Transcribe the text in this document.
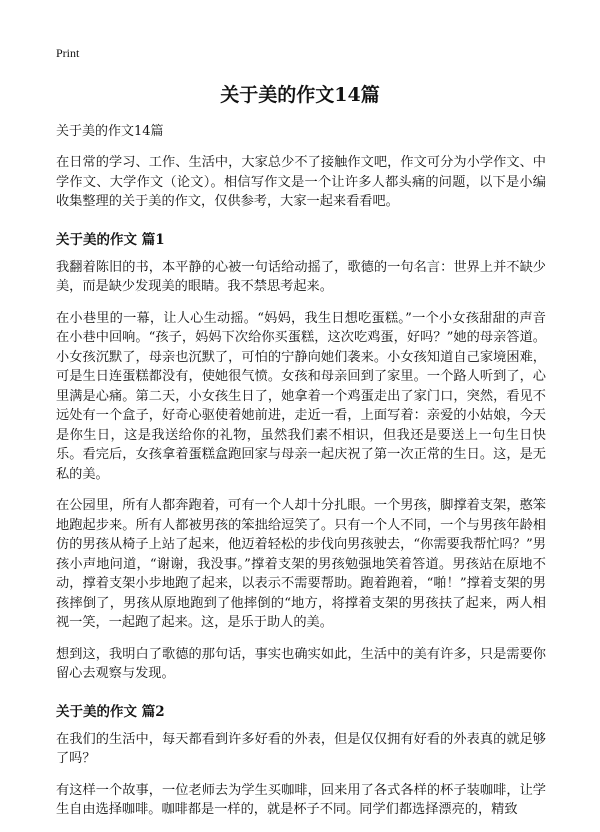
Print
关于美的作文14篇
关于美的作文14篇

在日常的学习、工作、生活中，大家总少不了接触作文吧，作文可分为小学作文、中学作文、大学作文（论文）。相信写作文是一个让许多人都头痛的问题，以下是小编收集整理的关于美的作文，仅供参考，大家一起来看看吧。

关于美的作文 篇1

我翻着陈旧的书，本平静的心被一句话给动摇了，歌德的一句名言：世界上并不缺少美，而是缺少发现美的眼睛。我不禁思考起来。

在小巷里的一幕，让人心生动摇。“妈妈，我生日想吃蛋糕。”一个小女孩甜甜的声音在小巷中回响。“孩子，妈妈下次给你买蛋糕，这次吃鸡蛋，好吗？”她的母亲答道。小女孩沉默了，母亲也沉默了，可怕的宁静向她们袭来。小女孩知道自己家境困难，可是生日连蛋糕都没有，使她很气愤。女孩和母亲回到了家里。一个路人听到了，心里满是心痛。第二天，小女孩生日了，她拿着一个鸡蛋走出了家门口，突然，看见不远处有一个盒子，好奇心驱使着她前进，走近一看，上面写着：亲爱的小姑娘，今天是你生日，这是我送给你的礼物，虽然我们素不相识，但我还是要送上一句生日快乐。看完后，女孩拿着蛋糕盒跑回家与母亲一起庆祝了第一次正常的生日。这，是无私的美。

在公园里，所有人都奔跑着，可有一个人却十分扎眼。一个男孩，脚撑着支架，憨笨地跑起步来。所有人都被男孩的笨拙给逗笑了。只有一个人不同，一个与男孩年龄相仿的男孩从椅子上站了起来，他迈着轻松的步伐向男孩驶去，“你需要我帮忙吗？”男孩小声地问道，“谢谢，我没事。”撑着支架的男孩勉强地笑着答道。男孩站在原地不动，撑着支架小步地跑了起来，以表示不需要帮助。跑着跑着，“啪！”撑着支架的男孩摔倒了，男孩从原地跑到了他摔倒的“地方，将撑着支架的男孩扶了起来，两人相视一笑，一起跑了起来。这，是乐于助人的美。

想到这，我明白了歌德的那句话，事实也确实如此，生活中的美有许多，只是需要你留心去观察与发现。

关于美的作文 篇2

在我们的生活中，每天都看到许多好看的外表，但是仅仅拥有好看的外表真的就足够了吗？

有这样一个故事，一位老师去为学生买咖啡，回来用了各式各样的杯子装咖啡，让学生自由选择咖啡。咖啡都是一样的，就是杯子不同。同学们都选择漂亮的，精致
